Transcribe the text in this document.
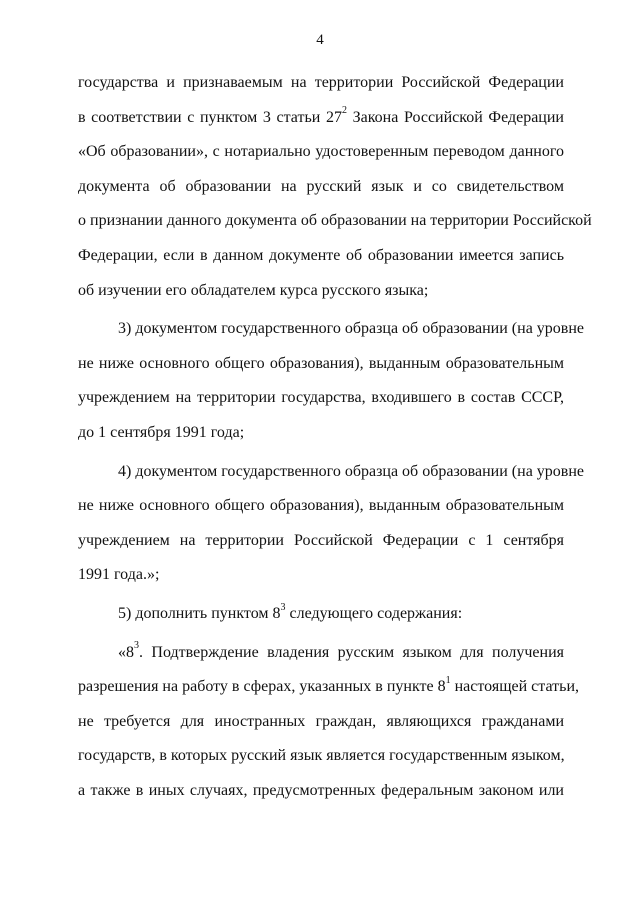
4
государства и признаваемым на территории Российской Федерации
в соответствии с пунктом 3 статьи $27^2$ Закона Российской Федерации
«Об образовании», с нотариально удостоверенным переводом данного
документа об образовании на русский язык и со свидетельством
о признании данного документа об образовании на территории Российской
Федерации, если в данном документе об образовании имеется запись
об изучении его обладателем курса русского языка;
3) документом государственного образца об образовании (на уровне
не ниже основного общего образования), выданным образовательным
учреждением на территории государства, входившего в состав СССР,
до 1 сентября 1991 года;
4) документом государственного образца об образовании (на уровне
не ниже основного общего образования), выданным образовательным
учреждением на территории Российской Федерации с 1 сентября
1991 года.»;
5) дополнить пунктом $8^3$ следующего содержания:
«$8^3$. Подтверждение владения русским языком для получения
разрешения на работу в сферах, указанных в пункте $8^1$ настоящей статьи,
не требуется для иностранных граждан, являющихся гражданами
государств, в которых русский язык является государственным языком,
а также в иных случаях, предусмотренных федеральным законом или
